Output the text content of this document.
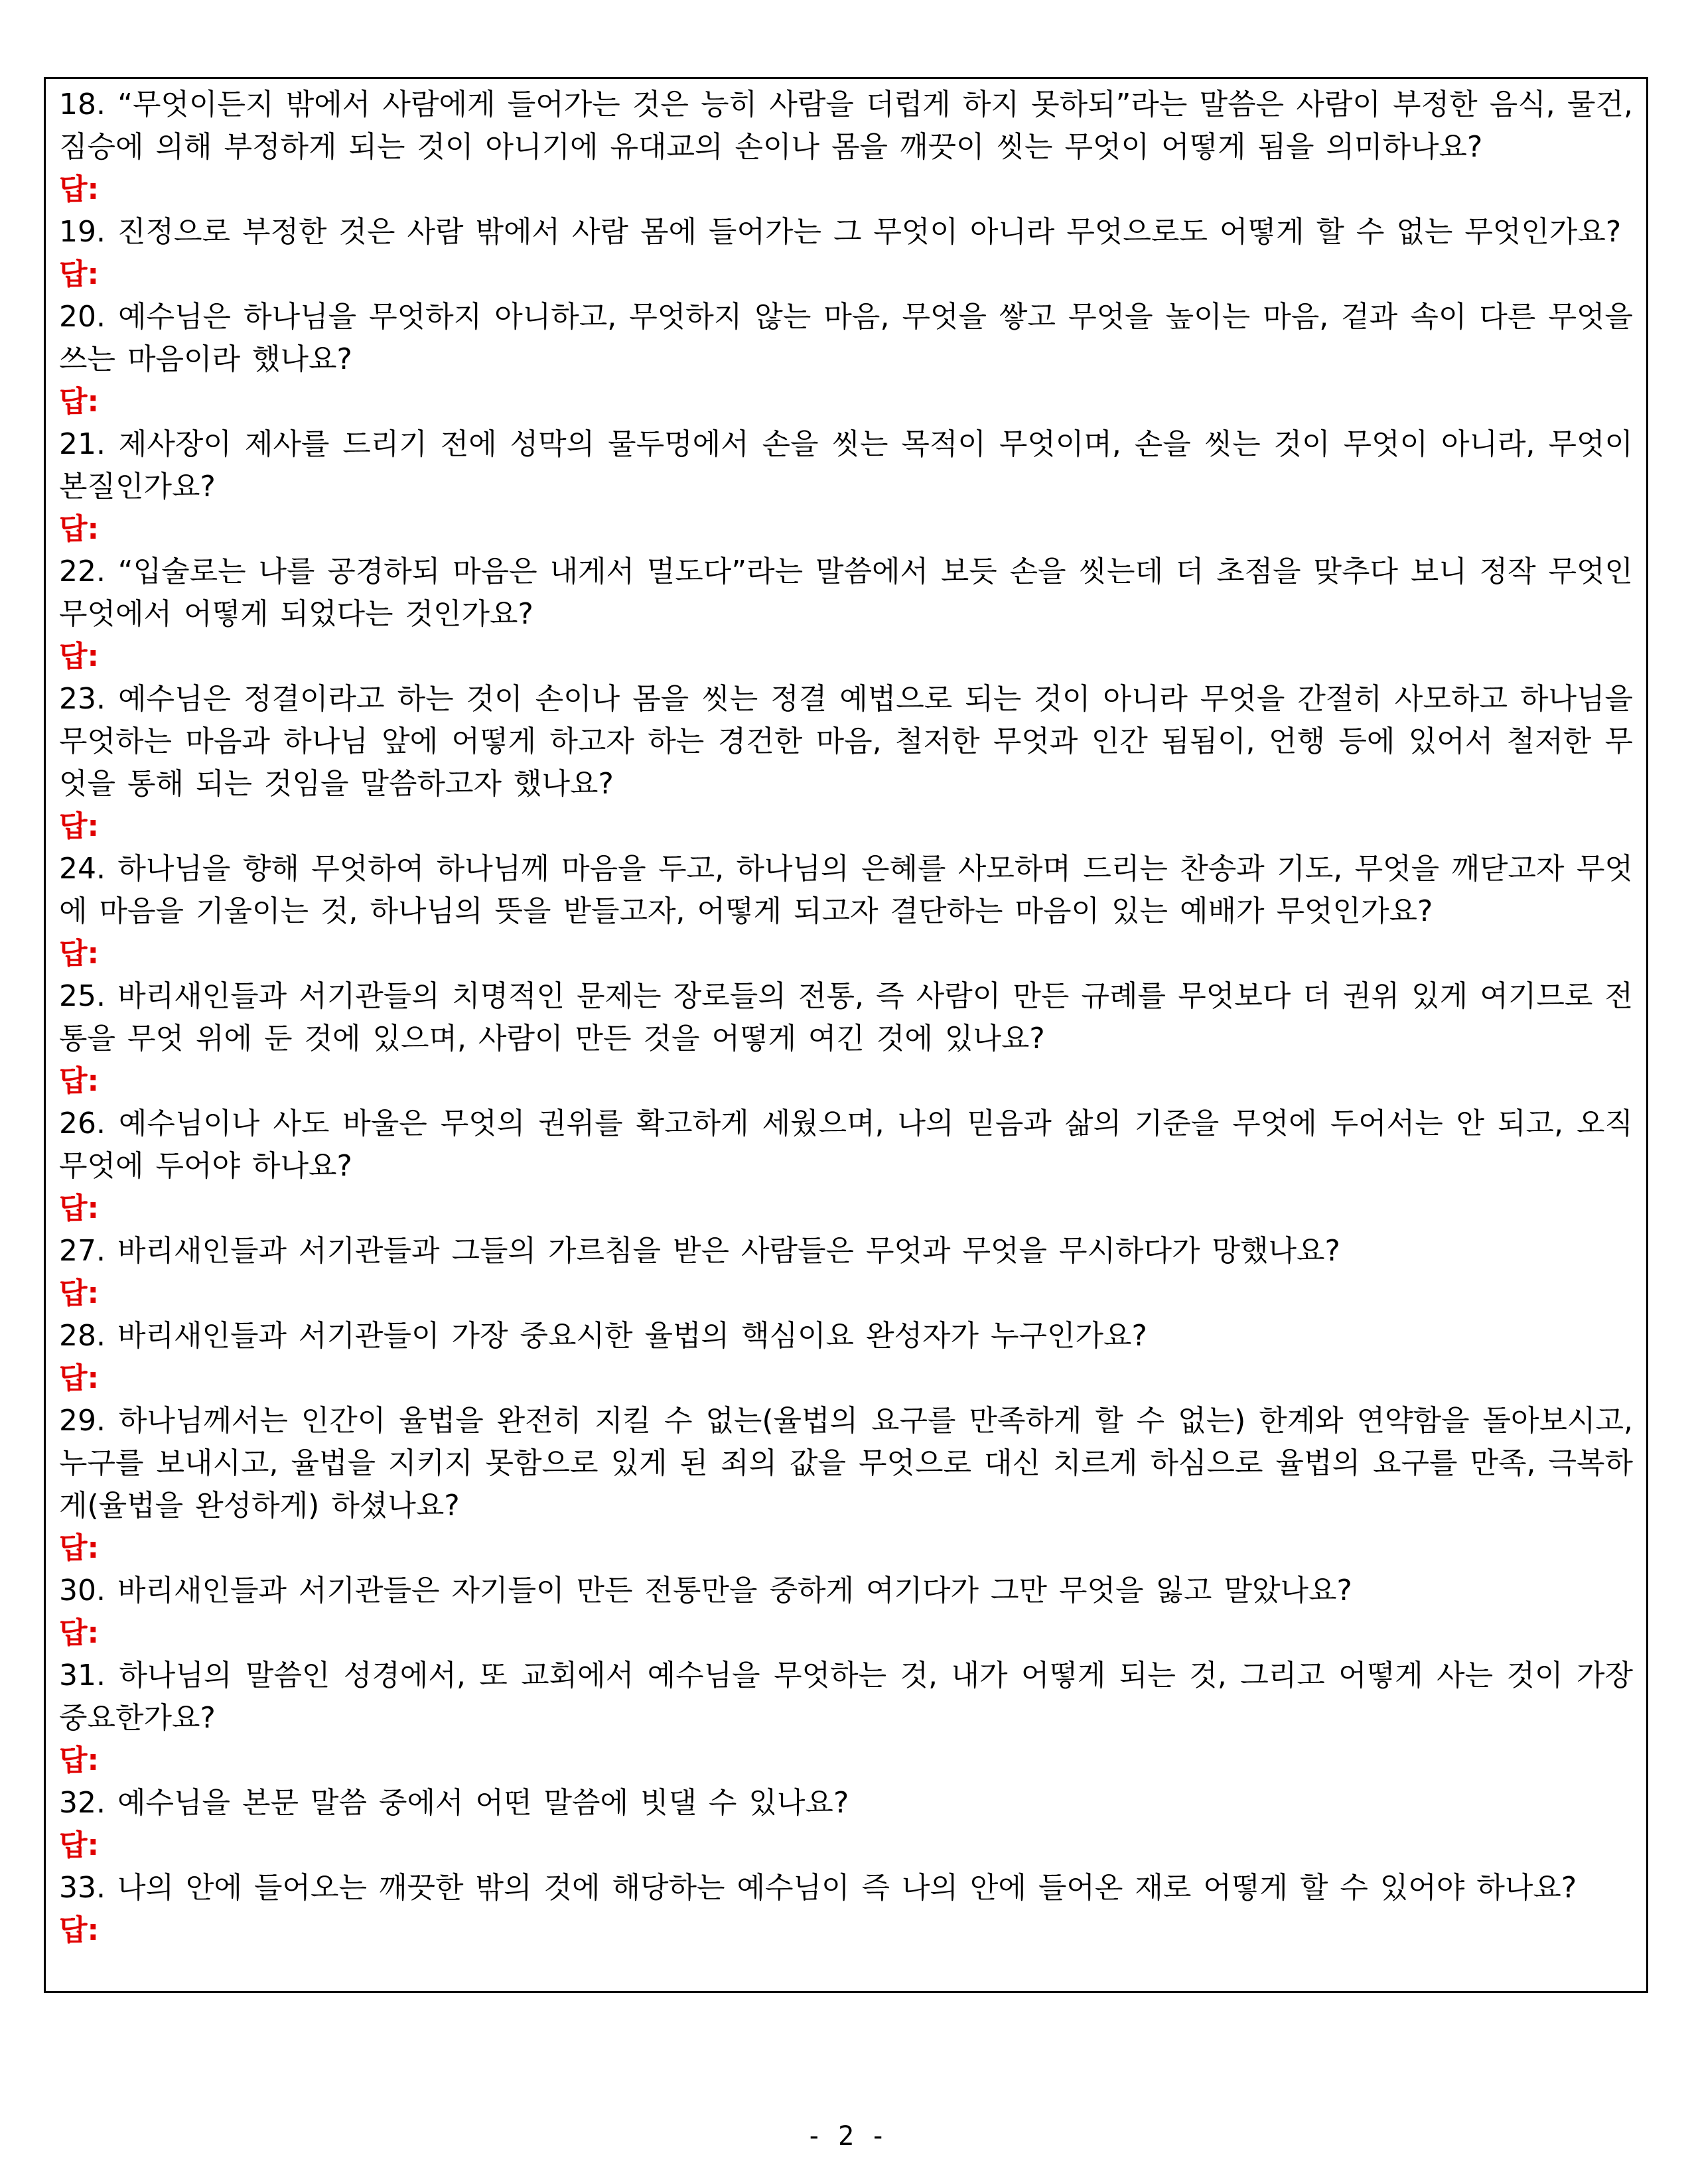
18. “무엇이든지 밖에서 사람에게 들어가는 것은 능히 사람을 더럽게 하지 못하되”라는 말씀은 사람이 부정한 음식, 물건, 짐승에 의해 부정하게 되는 것이 아니기에 유대교의 손이나 몸을 깨끗이 씻는 무엇이 어떻게 됨을 의미하나요?

답:

19. 진정으로 부정한 것은 사람 밖에서 사람 몸에 들어가는 그 무엇이 아니라 무엇으로도 어떻게 할 수 없는 무엇인가요?

답:

20. 예수님은 하나님을 무엇하지 아니하고, 무엇하지 않는 마음, 무엇을 쌓고 무엇을 높이는 마음, 겉과 속이 다른 무엇을 쓰는 마음이라 했나요?

답:

21. 제사장이 제사를 드리기 전에 성막의 물두멍에서 손을 씻는 목적이 무엇이며, 손을 씻는 것이 무엇이 아니라, 무엇이 본질인가요?

답:

22. “입술로는 나를 공경하되 마음은 내게서 멀도다”라는 말씀에서 보듯 손을 씻는데 더 초점을 맞추다 보니 정작 무엇인 무엇에서 어떻게 되었다는 것인가요?

답:

23. 예수님은 정결이라고 하는 것이 손이나 몸을 씻는 정결 예법으로 되는 것이 아니라 무엇을 간절히 사모하고 하나님을 무엇하는 마음과 하나님 앞에 어떻게 하고자 하는 경건한 마음, 철저한 무엇과 인간 됨됨이, 언행 등에 있어서 철저한 무엇을 통해 되는 것임을 말씀하고자 했나요?

답:

24. 하나님을 향해 무엇하여 하나님께 마음을 두고, 하나님의 은혜를 사모하며 드리는 찬송과 기도, 무엇을 깨닫고자 무엇에 마음을 기울이는 것, 하나님의 뜻을 받들고자, 어떻게 되고자 결단하는 마음이 있는 예배가 무엇인가요?

답:

25. 바리새인들과 서기관들의 치명적인 문제는 장로들의 전통, 즉 사람이 만든 규례를 무엇보다 더 권위 있게 여기므로 전통을 무엇 위에 둔 것에 있으며, 사람이 만든 것을 어떻게 여긴 것에 있나요?

답:

26. 예수님이나 사도 바울은 무엇의 권위를 확고하게 세웠으며, 나의 믿음과 삶의 기준을 무엇에 두어서는 안 되고, 오직 무엇에 두어야 하나요?

답:

27. 바리새인들과 서기관들과 그들의 가르침을 받은 사람들은 무엇과 무엇을 무시하다가 망했나요?

답:

28. 바리새인들과 서기관들이 가장 중요시한 율법의 핵심이요 완성자가 누구인가요?

답:

29. 하나님께서는 인간이 율법을 완전히 지킬 수 없는(율법의 요구를 만족하게 할 수 없는) 한계와 연약함을 돌아보시고, 누구를 보내시고, 율법을 지키지 못함으로 있게 된 죄의 값을 무엇으로 대신 치르게 하심으로 율법의 요구를 만족, 극복하게(율법을 완성하게) 하셨나요?

답:

30. 바리새인들과 서기관들은 자기들이 만든 전통만을 중하게 여기다가 그만 무엇을 잃고 말았나요?

답:

31. 하나님의 말씀인 성경에서, 또 교회에서 예수님을 무엇하는 것, 내가 어떻게 되는 것, 그리고 어떻게 사는 것이 가장 중요한가요?

답:

32. 예수님을 본문 말씀 중에서 어떤 말씀에 빗댈 수 있나요?

답:

33. 나의 안에 들어오는 깨끗한 밖의 것에 해당하는 예수님이 즉 나의 안에 들어온 재로 어떻게 할 수 있어야 하나요?

답:

- 2 -
